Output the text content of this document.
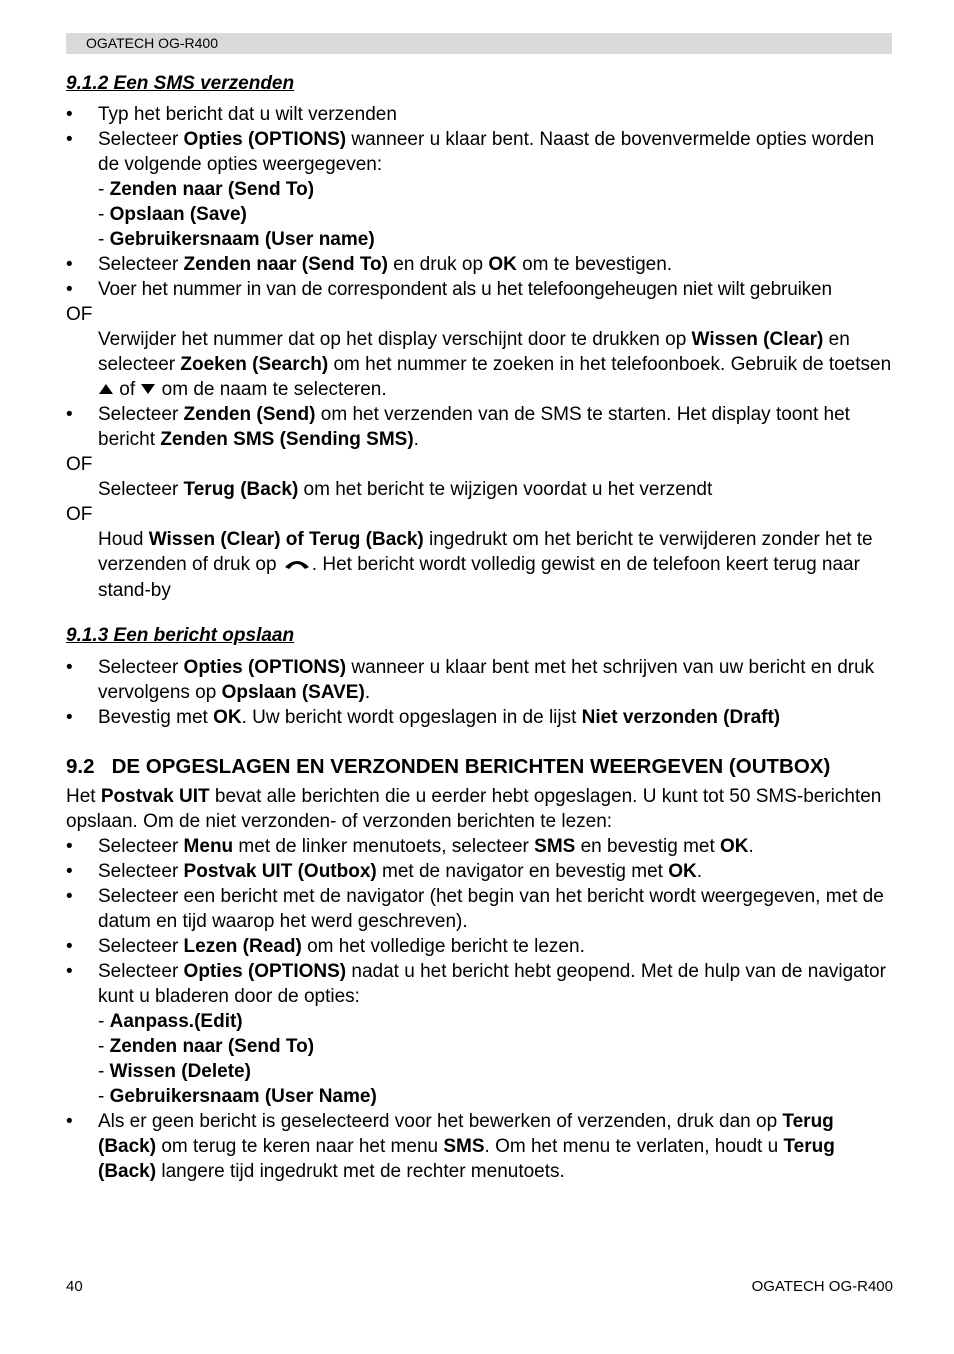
OGATECH OG-R400
9.1.2 Een SMS verzenden
• Typ het bericht dat u wilt verzenden
• Selecteer Opties (OPTIONS) wanneer u klaar bent. Naast de bovenvermelde opties worden de volgende opties weergegeven:
- Zenden naar (Send To)
- Opslaan (Save)
- Gebruikersnaam (User name)
• Selecteer Zenden naar (Send To) en druk op OK om te bevestigen.
• Voer het nummer in van de correspondent als u het telefoongeheugen niet wilt gebruiken
OF
Verwijder het nummer dat op het display verschijnt door te drukken op Wissen (Clear) en selecteer Zoeken (Search) om het nummer te zoeken in het telefoonboek. Gebruik de toetsen  of  om de naam te selecteren.
• Selecteer Zenden (Send) om het verzenden van de SMS te starten. Het display toont het bericht Zenden SMS (Sending SMS).
OF
Selecteer Terug (Back) om het bericht te wijzigen voordat u het verzendt
OF
Houd Wissen (Clear) of Terug (Back) ingedrukt om het bericht te verwijderen zonder het te verzenden of druk op . Het bericht wordt volledig gewist en de telefoon keert terug naar stand-by
9.1.3 Een bericht opslaan
• Selecteer Opties (OPTIONS) wanneer u klaar bent met het schrijven van uw bericht en druk vervolgens op Opslaan (SAVE).
• Bevestig met OK. Uw bericht wordt opgeslagen in de lijst Niet verzonden (Draft)
9.2   DE OPGESLAGEN EN VERZONDEN BERICHTEN WEERGEVEN (OUTBOX)
Het Postvak UIT bevat alle berichten die u eerder hebt opgeslagen. U kunt tot 50 SMS-berichten opslaan. Om de niet verzonden- of verzonden berichten te lezen:
• Selecteer Menu met de linker menutoets, selecteer SMS en bevestig met OK.
• Selecteer Postvak UIT (Outbox) met de navigator en bevestig met OK.
• Selecteer een bericht met de navigator (het begin van het bericht wordt weergegeven, met de datum en tijd waarop het werd geschreven).
• Selecteer Lezen (Read) om het volledige bericht te lezen.
• Selecteer Opties (OPTIONS) nadat u het bericht hebt geopend. Met de hulp van de navigator kunt u bladeren door de opties:
- Aanpass.(Edit)
- Zenden naar (Send To)
- Wissen (Delete)
- Gebruikersnaam (User Name)
• Als er geen bericht is geselecteerd voor het bewerken of verzenden, druk dan op Terug (Back) om terug te keren naar het menu SMS. Om het menu te verlaten, houdt u Terug (Back) langere tijd ingedrukt met de rechter menutoets.
40	OGATECH OG-R400
